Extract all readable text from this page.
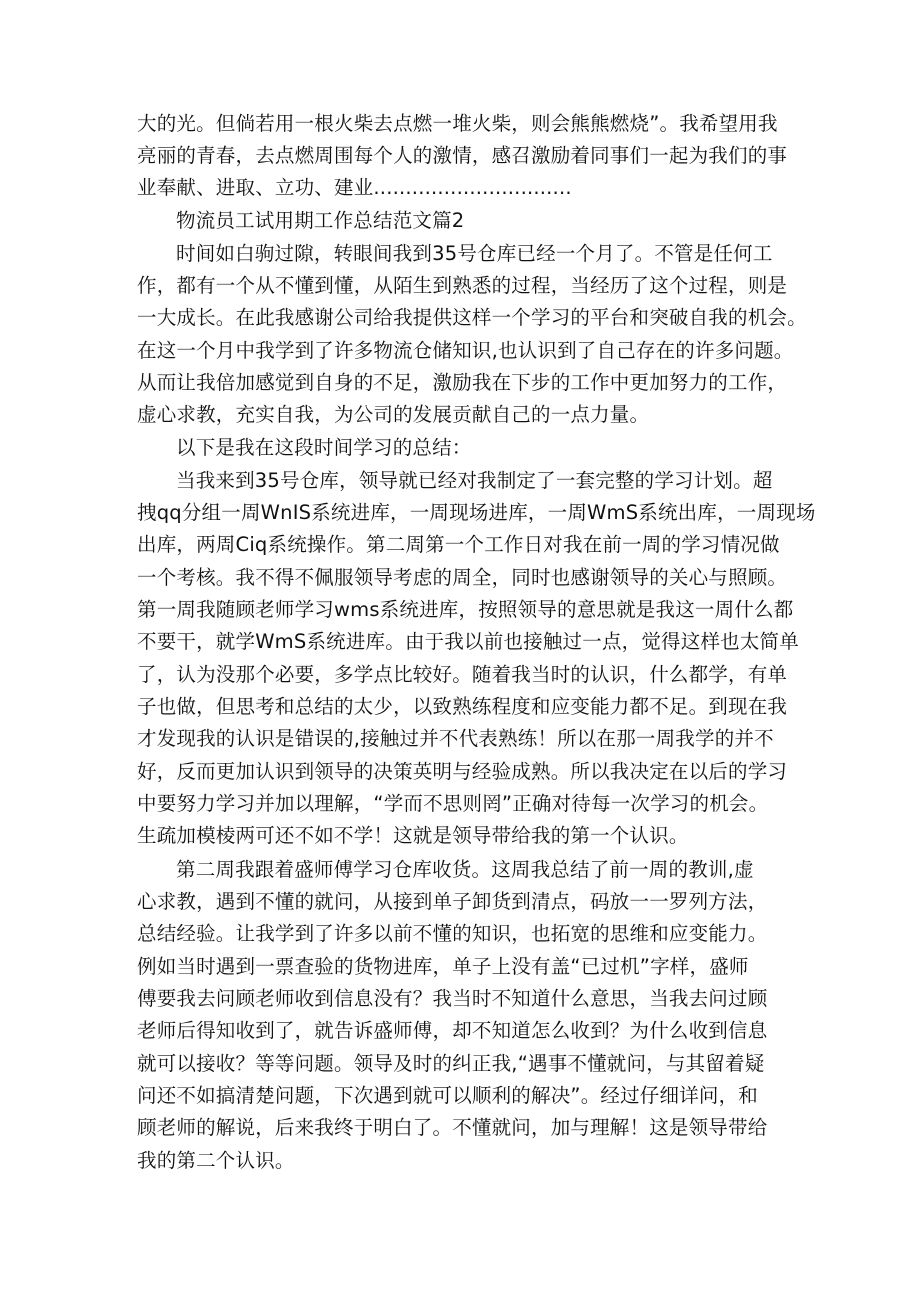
大的光。但倘若用一根火柴去点燃一堆火柴，则会熊熊燃烧”。我希望用我
亮丽的青春，去点燃周围每个人的激情，感召激励着同事们一起为我们的事
业奉献、进取、立功、建业...............................
物流员工试用期工作总结范文篇2
时间如白驹过隙，转眼间我到35号仓库已经一个月了。不管是任何工
作，都有一个从不懂到懂，从陌生到熟悉的过程，当经历了这个过程，则是
一大成长。在此我感谢公司给我提供这样一个学习的平台和突破自我的机会。
在这一个月中我学到了许多物流仓储知识,也认识到了自己存在的许多问题。
从而让我倍加感觉到自身的不足，激励我在下步的工作中更加努力的工作，
虚心求教，充实自我，为公司的发展贡献自己的一点力量。
以下是我在这段时间学习的总结：
当我来到35号仓库，领导就已经对我制定了一套完整的学习计划。超
拽qq分组一周WnIS系统进库，一周现场进库，一周WmS系统出库，一周现场
出库，两周Ciq系统操作。第二周第一个工作日对我在前一周的学习情况做
一个考核。我不得不佩服领导考虑的周全，同时也感谢领导的关心与照顾。
第一周我随顾老师学习wms系统进库，按照领导的意思就是我这一周什么都
不要干，就学WmS系统进库。由于我以前也接触过一点，觉得这样也太简单
了，认为没那个必要，多学点比较好。随着我当时的认识，什么都学，有单
子也做，但思考和总结的太少，以致熟练程度和应变能力都不足。到现在我
才发现我的认识是错误的,接触过并不代表熟练！所以在那一周我学的并不
好，反而更加认识到领导的决策英明与经验成熟。所以我决定在以后的学习
中要努力学习并加以理解，“学而不思则罔”正确对待每一次学习的机会。
生疏加模棱两可还不如不学！这就是领导带给我的第一个认识。
第二周我跟着盛师傅学习仓库收货。这周我总结了前一周的教训,虚
心求教，遇到不懂的就问，从接到单子卸货到清点，码放一一罗列方法，
总结经验。让我学到了许多以前不懂的知识，也拓宽的思维和应变能力。
例如当时遇到一票查验的货物进库，单子上没有盖“已过机”字样，盛师
傅要我去问顾老师收到信息没有？我当时不知道什么意思，当我去问过顾
老师后得知收到了，就告诉盛师傅，却不知道怎么收到？为什么收到信息
就可以接收？等等问题。领导及时的纠正我,“遇事不懂就问，与其留着疑
问还不如搞清楚问题，下次遇到就可以顺利的解决”。经过仔细详问，和
顾老师的解说，后来我终于明白了。不懂就问，加与理解！这是领导带给
我的第二个认识。
